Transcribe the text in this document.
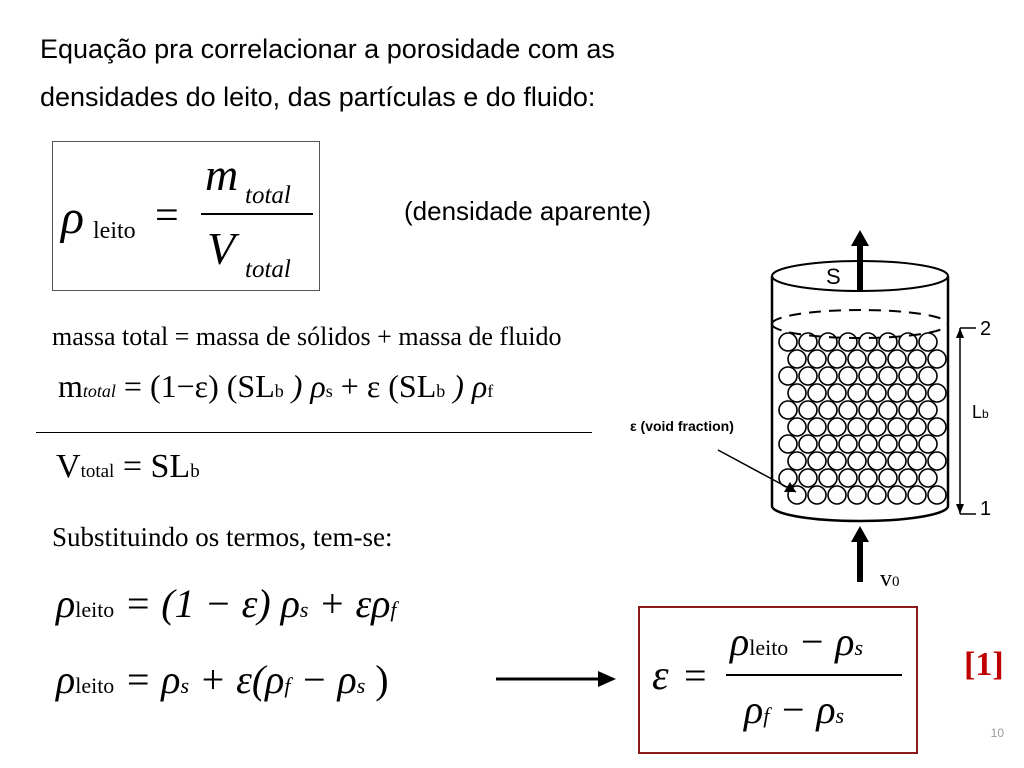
Equação pra correlacionar a porosidade com as
densidades do leito, das partículas e do fluido:
ρ leito =
m total
V total
(densidade aparente)
massa total = massa de sólidos + massa de fluido
mtotal = (1−ε) (SLb ) ρs + ε (SLb ) ρf
Vtotal = SLb
Substituindo os termos, tem-se:
ρleito = (1 − ε) ρs + ερf
ρleito = ρs + ε(ρf − ρs )	ε =
ρleito − ρs
ρf − ρs
[1]
S
2
1
Lb
ε (void fraction)
v0
10
